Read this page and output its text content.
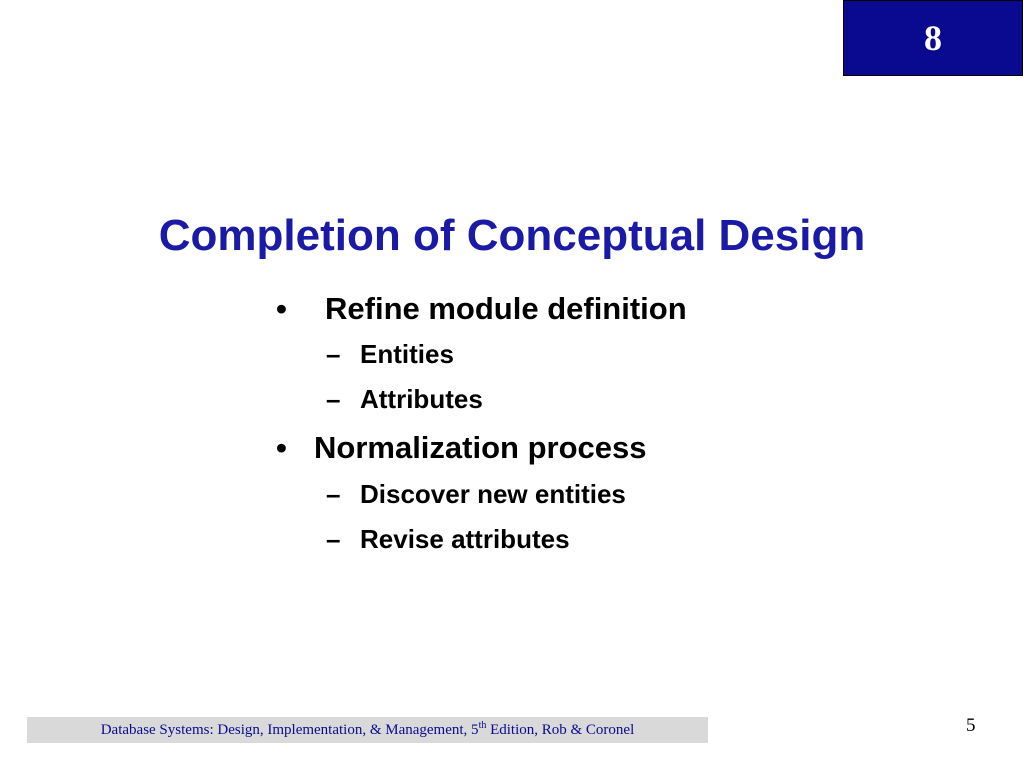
8
Completion of Conceptual Design
• Refine module definition
– Entities
– Attributes
• Normalization process
– Discover new entities
– Revise attributes
Database Systems: Design, Implementation, & Management, 5th Edition, Rob & Coronel	5
